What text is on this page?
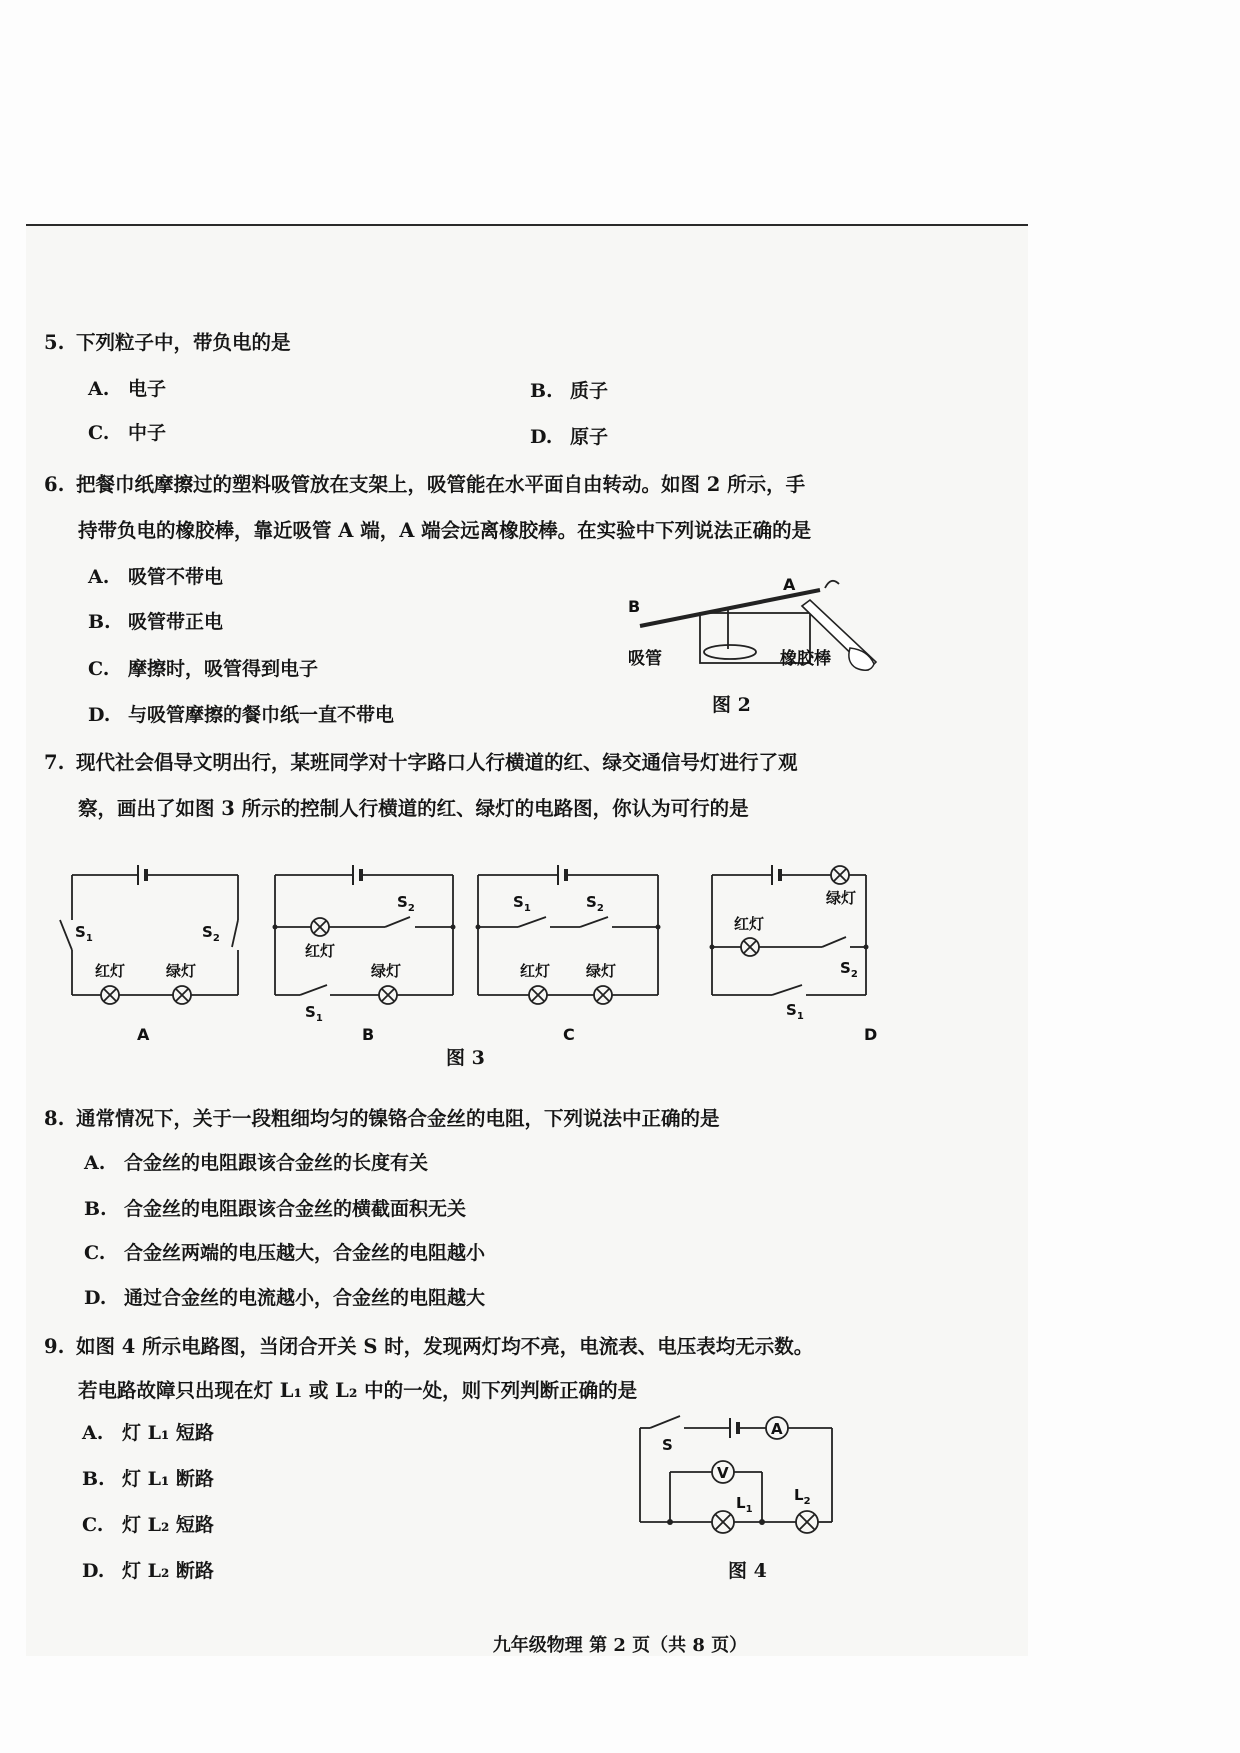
5. 下列粒子中，带负电的是
A. 电子	B. 质子
C. 中子	D. 原子
6. 把餐巾纸摩擦过的塑料吸管放在支架上，吸管能在水平面自由转动。如图 2 所示，手
持带负电的橡胶棒，靠近吸管 A 端，A 端会远离橡胶棒。在实验中下列说法正确的是
A. 吸管不带电
B. 吸管带正电
C. 摩擦时，吸管得到电子
D. 与吸管摩擦的餐巾纸一直不带电
A
B
吸管	橡胶棒
图 2
7. 现代社会倡导文明出行，某班同学对十字路口人行横道的红、绿交通信号灯进行了观
察，画出了如图 3 所示的控制人行横道的红、绿灯的电路图，你认为可行的是
$S_1$	$S_2$
红灯	绿灯
A
$S_2$
红灯
绿灯
$S_1$
B
$S_1$	$S_2$
红灯 绿灯
C
绿灯
红灯
$S_2$
$S_1$
D
图 3
8. 通常情况下，关于一段粗细均匀的镍铬合金丝的电阻，下列说法中正确的是
A. 合金丝的电阻跟该合金丝的长度有关
B. 合金丝的电阻跟该合金丝的横截面积无关
C. 合金丝两端的电压越大，合金丝的电阻越小
D. 通过合金丝的电流越小，合金丝的电阻越大
9. 如图 4 所示电路图，当闭合开关 S 时，发现两灯均不亮，电流表、电压表均无示数。
若电路故障只出现在灯 L₁ 或 L₂ 中的一处，则下列判断正确的是
A. 灯 L₁ 短路
B. 灯 L₁ 断路
C. 灯 L₂ 短路
D. 灯 L₂ 断路
A
V
S
$L_1$
$L_2$
图 4
九年级物理 第 2 页（共 8 页）
